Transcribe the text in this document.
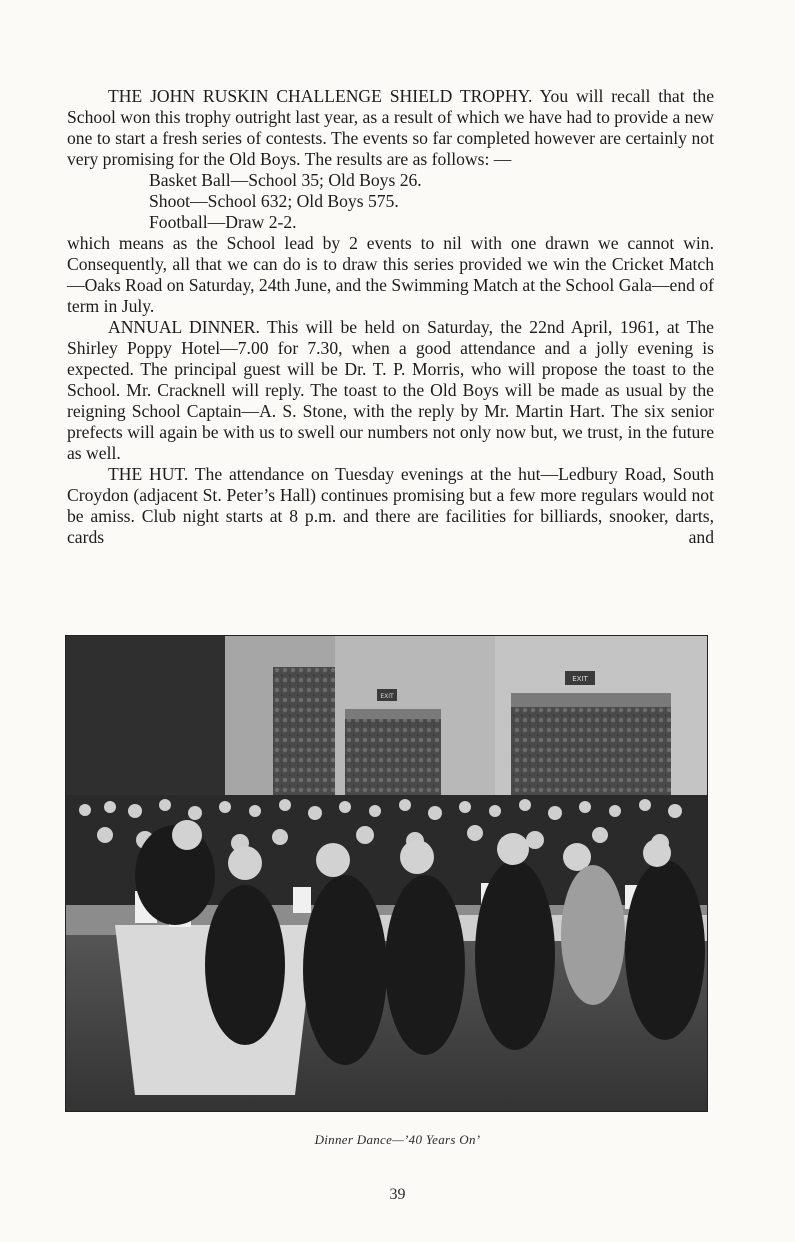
THE JOHN RUSKIN CHALLENGE SHIELD TROPHY. You will recall that the School won this trophy outright last year, as a result of which we have had to provide a new one to start a fresh series of contests. The events so far completed however are certainly not very promising for the Old Boys. The results are as follows: —

Basket Ball—School 35; Old Boys 26.
Shoot—School 632; Old Boys 575.
Football—Draw 2-2.

which means as the School lead by 2 events to nil with one drawn we cannot win. Consequently, all that we can do is to draw this series provided we win the Cricket Match—Oaks Road on Saturday, 24th June, and the Swimming Match at the School Gala—end of term in July.

ANNUAL DINNER. This will be held on Saturday, the 22nd April, 1961, at The Shirley Poppy Hotel—7.00 for 7.30, when a good attendance and a jolly evening is expected. The principal guest will be Dr. T. P. Morris, who will propose the toast to the School. Mr. Cracknell will reply. The toast to the Old Boys will be made as usual by the reigning School Captain—A. S. Stone, with the reply by Mr. Martin Hart. The six senior prefects will again be with us to swell our numbers not only now but, we trust, in the future as well.

THE HUT. The attendance on Tuesday evenings at the hut—Ledbury Road, South Croydon (adjacent St. Peter’s Hall) continues promising but a few more regulars would not be amiss. Club night starts at 8 p.m. and there are facilities for billiards, snooker, darts, cards and

EXIT
EXIT
Dinner Dance—’40 Years On’
39
